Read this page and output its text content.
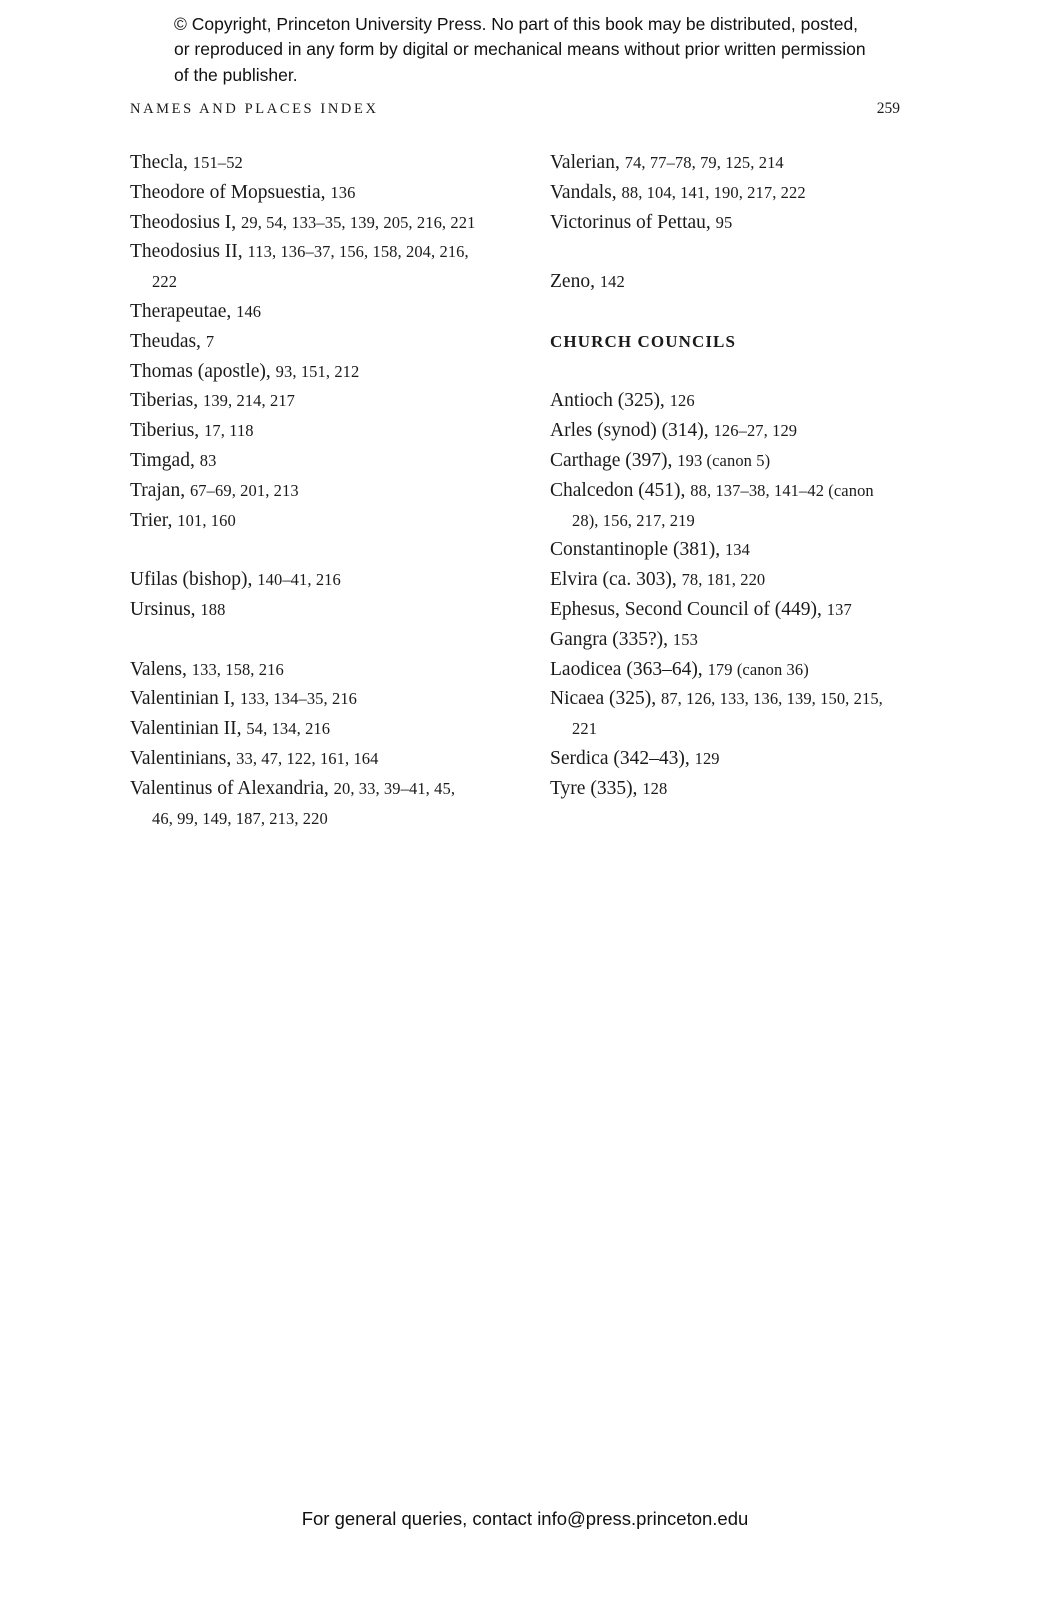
© Copyright, Princeton University Press. No part of this book may be distributed, posted, or reproduced in any form by digital or mechanical means without prior written permission of the publisher.
NAMES AND PLACES INDEX	259
Thecla, 151–52
Theodore of Mopsuestia, 136
Theodosius I, 29, 54, 133–35, 139, 205, 216, 221
Theodosius II, 113, 136–37, 156, 158, 204, 216, 222
Therapeutae, 146
Theudas, 7
Thomas (apostle), 93, 151, 212
Tiberias, 139, 214, 217
Tiberius, 17, 118
Timgad, 83
Trajan, 67–69, 201, 213
Trier, 101, 160
Ufilas (bishop), 140–41, 216
Ursinus, 188
Valens, 133, 158, 216
Valentinian I, 133, 134–35, 216
Valentinian II, 54, 134, 216
Valentinians, 33, 47, 122, 161, 164
Valentinus of Alexandria, 20, 33, 39–41, 45, 46, 99, 149, 187, 213, 220
Valerian, 74, 77–78, 79, 125, 214
Vandals, 88, 104, 141, 190, 217, 222
Victorinus of Pettau, 95
Zeno, 142
CHURCH COUNCILS
Antioch (325), 126
Arles (synod) (314), 126–27, 129
Carthage (397), 193 (canon 5)
Chalcedon (451), 88, 137–38, 141–42 (canon 28), 156, 217, 219
Constantinople (381), 134
Elvira (ca. 303), 78, 181, 220
Ephesus, Second Council of (449), 137
Gangra (335?), 153
Laodicea (363–64), 179 (canon 36)
Nicaea (325), 87, 126, 133, 136, 139, 150, 215, 221
Serdica (342–43), 129
Tyre (335), 128
For general queries, contact info@press.princeton.edu
